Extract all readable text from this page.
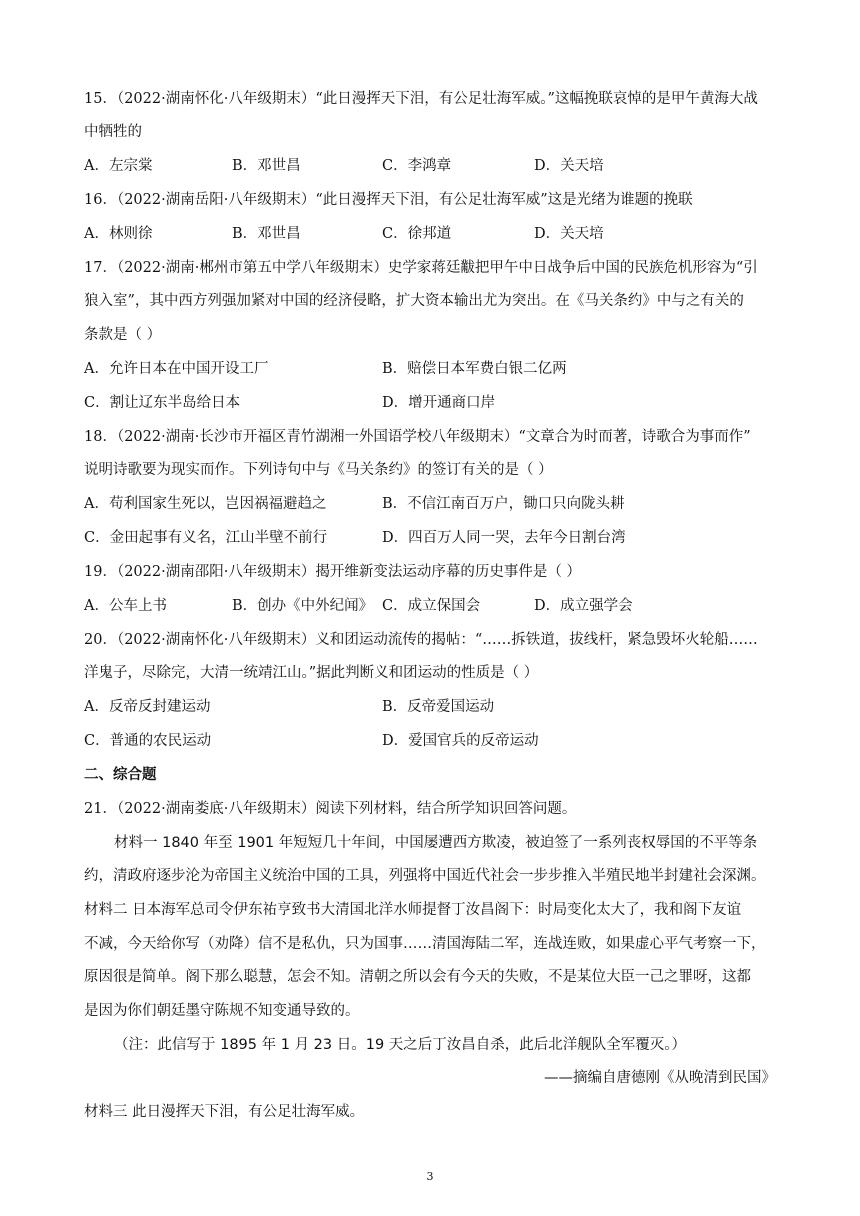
15．（2022·湖南怀化·八年级期末）“此日漫挥天下泪，有公足壮海军威。”这幅挽联哀悼的是甲午黄海大战
中牺牲的
A．左宗棠	B．邓世昌	C．李鸿章	D．关天培
16．（2022·湖南岳阳·八年级期末）“此日漫挥天下泪，有公足壮海军威”这是光绪为谁题的挽联
A．林则徐	B．邓世昌	C．徐邦道	D．关天培
17．（2022·湖南·郴州市第五中学八年级期末）史学家蒋廷黻把甲午中日战争后中国的民族危机形容为“引
狼入室”，其中西方列强加紧对中国的经济侵略，扩大资本输出尤为突出。在《马关条约》中与之有关的
条款是（ ）
A．允许日本在中国开设工厂	B．赔偿日本军费白银二亿两
C．割让辽东半岛给日本	D．增开通商口岸
18．（2022·湖南·长沙市开福区青竹湖湘一外国语学校八年级期末）“文章合为时而著，诗歌合为事而作”
说明诗歌要为现实而作。下列诗句中与《马关条约》的签订有关的是（ ）
A．苟利国家生死以，岂因祸福避趋之	B．不信江南百万户，锄口只向陇头耕
C．金田起事有义名，江山半壁不前行	D．四百万人同一哭，去年今日割台湾
19．（2022·湖南邵阳·八年级期末）揭开维新变法运动序幕的历史事件是（ ）
A．公车上书	B．创办《中外纪闻》 C．成立保国会	D．成立强学会
20．（2022·湖南怀化·八年级期末）义和团运动流传的揭帖：“……拆铁道，拔线杆，紧急毁坏火轮船……
洋鬼子，尽除完，大清一统靖江山。”据此判断义和团运动的性质是（ ）
A．反帝反封建运动	B．反帝爱国运动
C．普通的农民运动	D．爱国官兵的反帝运动
二、综合题
21．（2022·湖南娄底·八年级期末）阅读下列材料，结合所学知识回答问题。
材料一 1840 年至 1901 年短短几十年间，中国屡遭西方欺凌，被迫签了一系列丧权辱国的不平等条
约，清政府逐步沦为帝国主义统治中国的工具，列强将中国近代社会一步步推入半殖民地半封建社会深渊。
材料二 日本海军总司令伊东祐亨致书大清国北洋水师提督丁汝昌阁下：时局变化太大了，我和阁下友谊
不减，今天给你写（劝降）信不是私仇，只为国事……清国海陆二军，连战连败，如果虚心平气考察一下，
原因很是简单。阁下那么聪慧，怎会不知。清朝之所以会有今天的失败，不是某位大臣一己之罪呀，这都
是因为你们朝廷墨守陈规不知变通导致的。
（注：此信写于 1895 年 1 月 23 日。19 天之后丁汝昌自杀，此后北洋舰队全军覆灭。）
——摘编自唐德刚《从晚清到民国》
材料三 此日漫挥天下泪，有公足壮海军威。
3
